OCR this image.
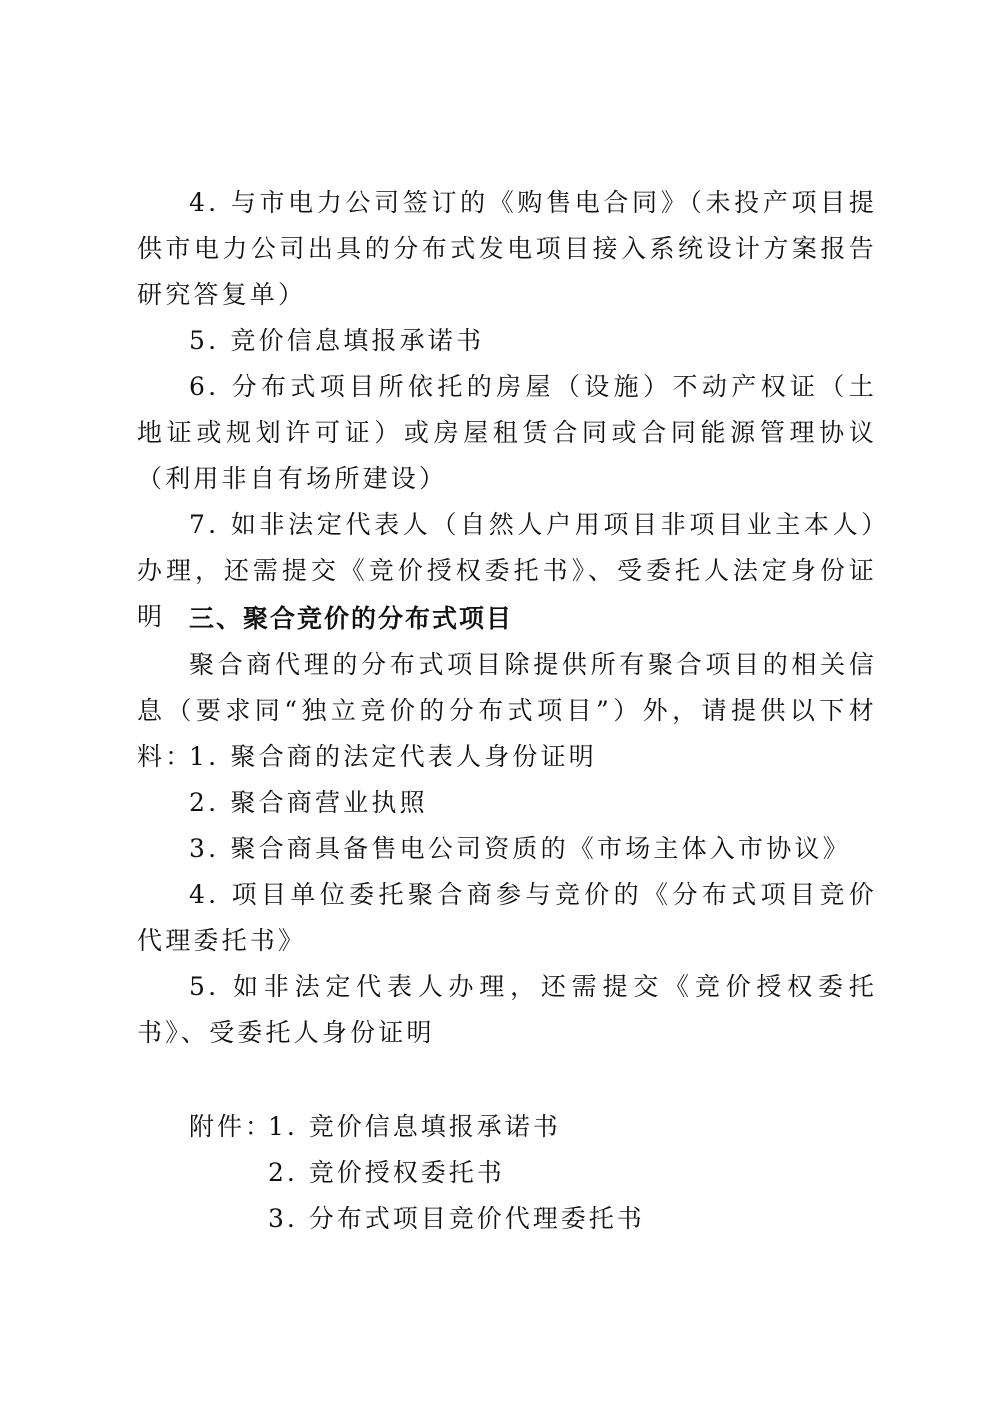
4. 与市电力公司签订的《购售电合同》（未投产项目提供市电力公司出具的分布式发电项目接入系统设计方案报告研究答复单）

5. 竞价信息填报承诺书

6. 分布式项目所依托的房屋（设施）不动产权证（土地证或规划许可证）或房屋租赁合同或合同能源管理协议（利用非自有场所建设）

7. 如非法定代表人（自然人户用项目非项目业主本人）办理，还需提交《竞价授权委托书》、受委托人法定身份证明 三、聚合竞价的分布式项目

聚合商代理的分布式项目除提供所有聚合项目的相关信息（要求同“独立竞价的分布式项目”）外，请提供以下材料：

1. 聚合商的法定代表人身份证明

2. 聚合商营业执照

3. 聚合商具备售电公司资质的《市场主体入市协议》

4. 项目单位委托聚合商参与竞价的《分布式项目竞价代理委托书》

5. 如非法定代表人办理，还需提交《竞价授权委托书》、受委托人身份证明

附件：
1. 竞价信息填报承诺书
2. 竞价授权委托书
3. 分布式项目竞价代理委托书
